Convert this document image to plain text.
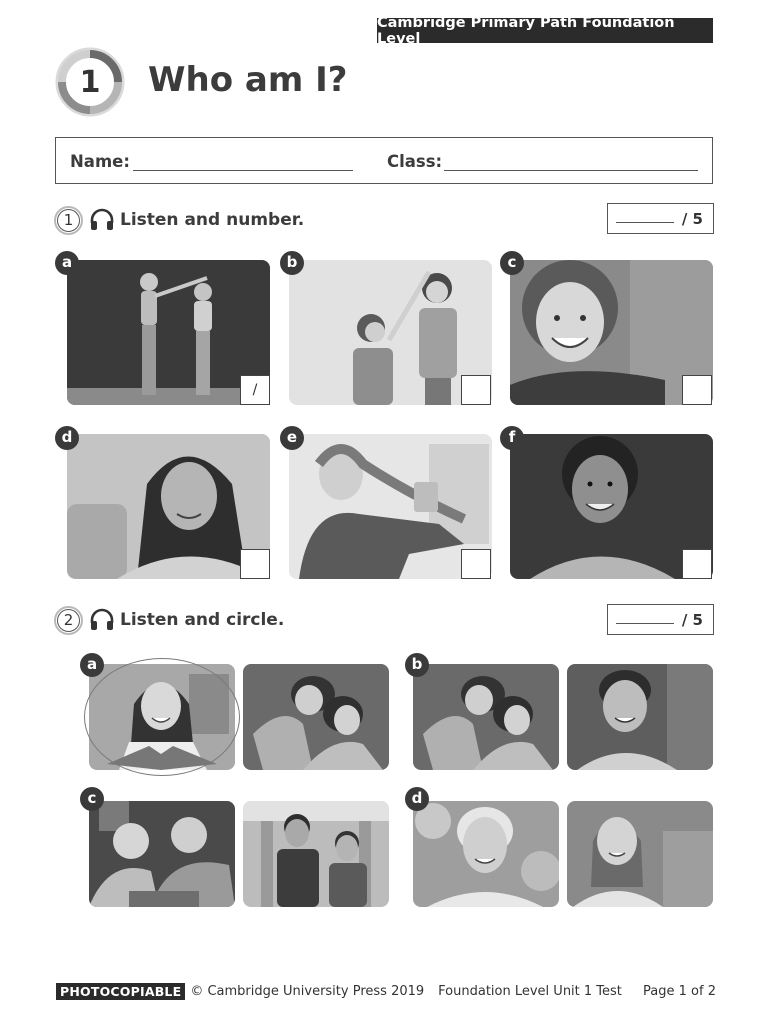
Cambridge Primary Path Foundation Level
1	Who am I?
Name:	Class:
1	Listen and number.	/ 5
a
/
b	c
d	e	f
2	Listen and circle.	/ 5
a	b
c	d
PHOTOCOPIABLE © Cambridge University Press 2019 Foundation Level Unit 1 Test Page 1 of 2
